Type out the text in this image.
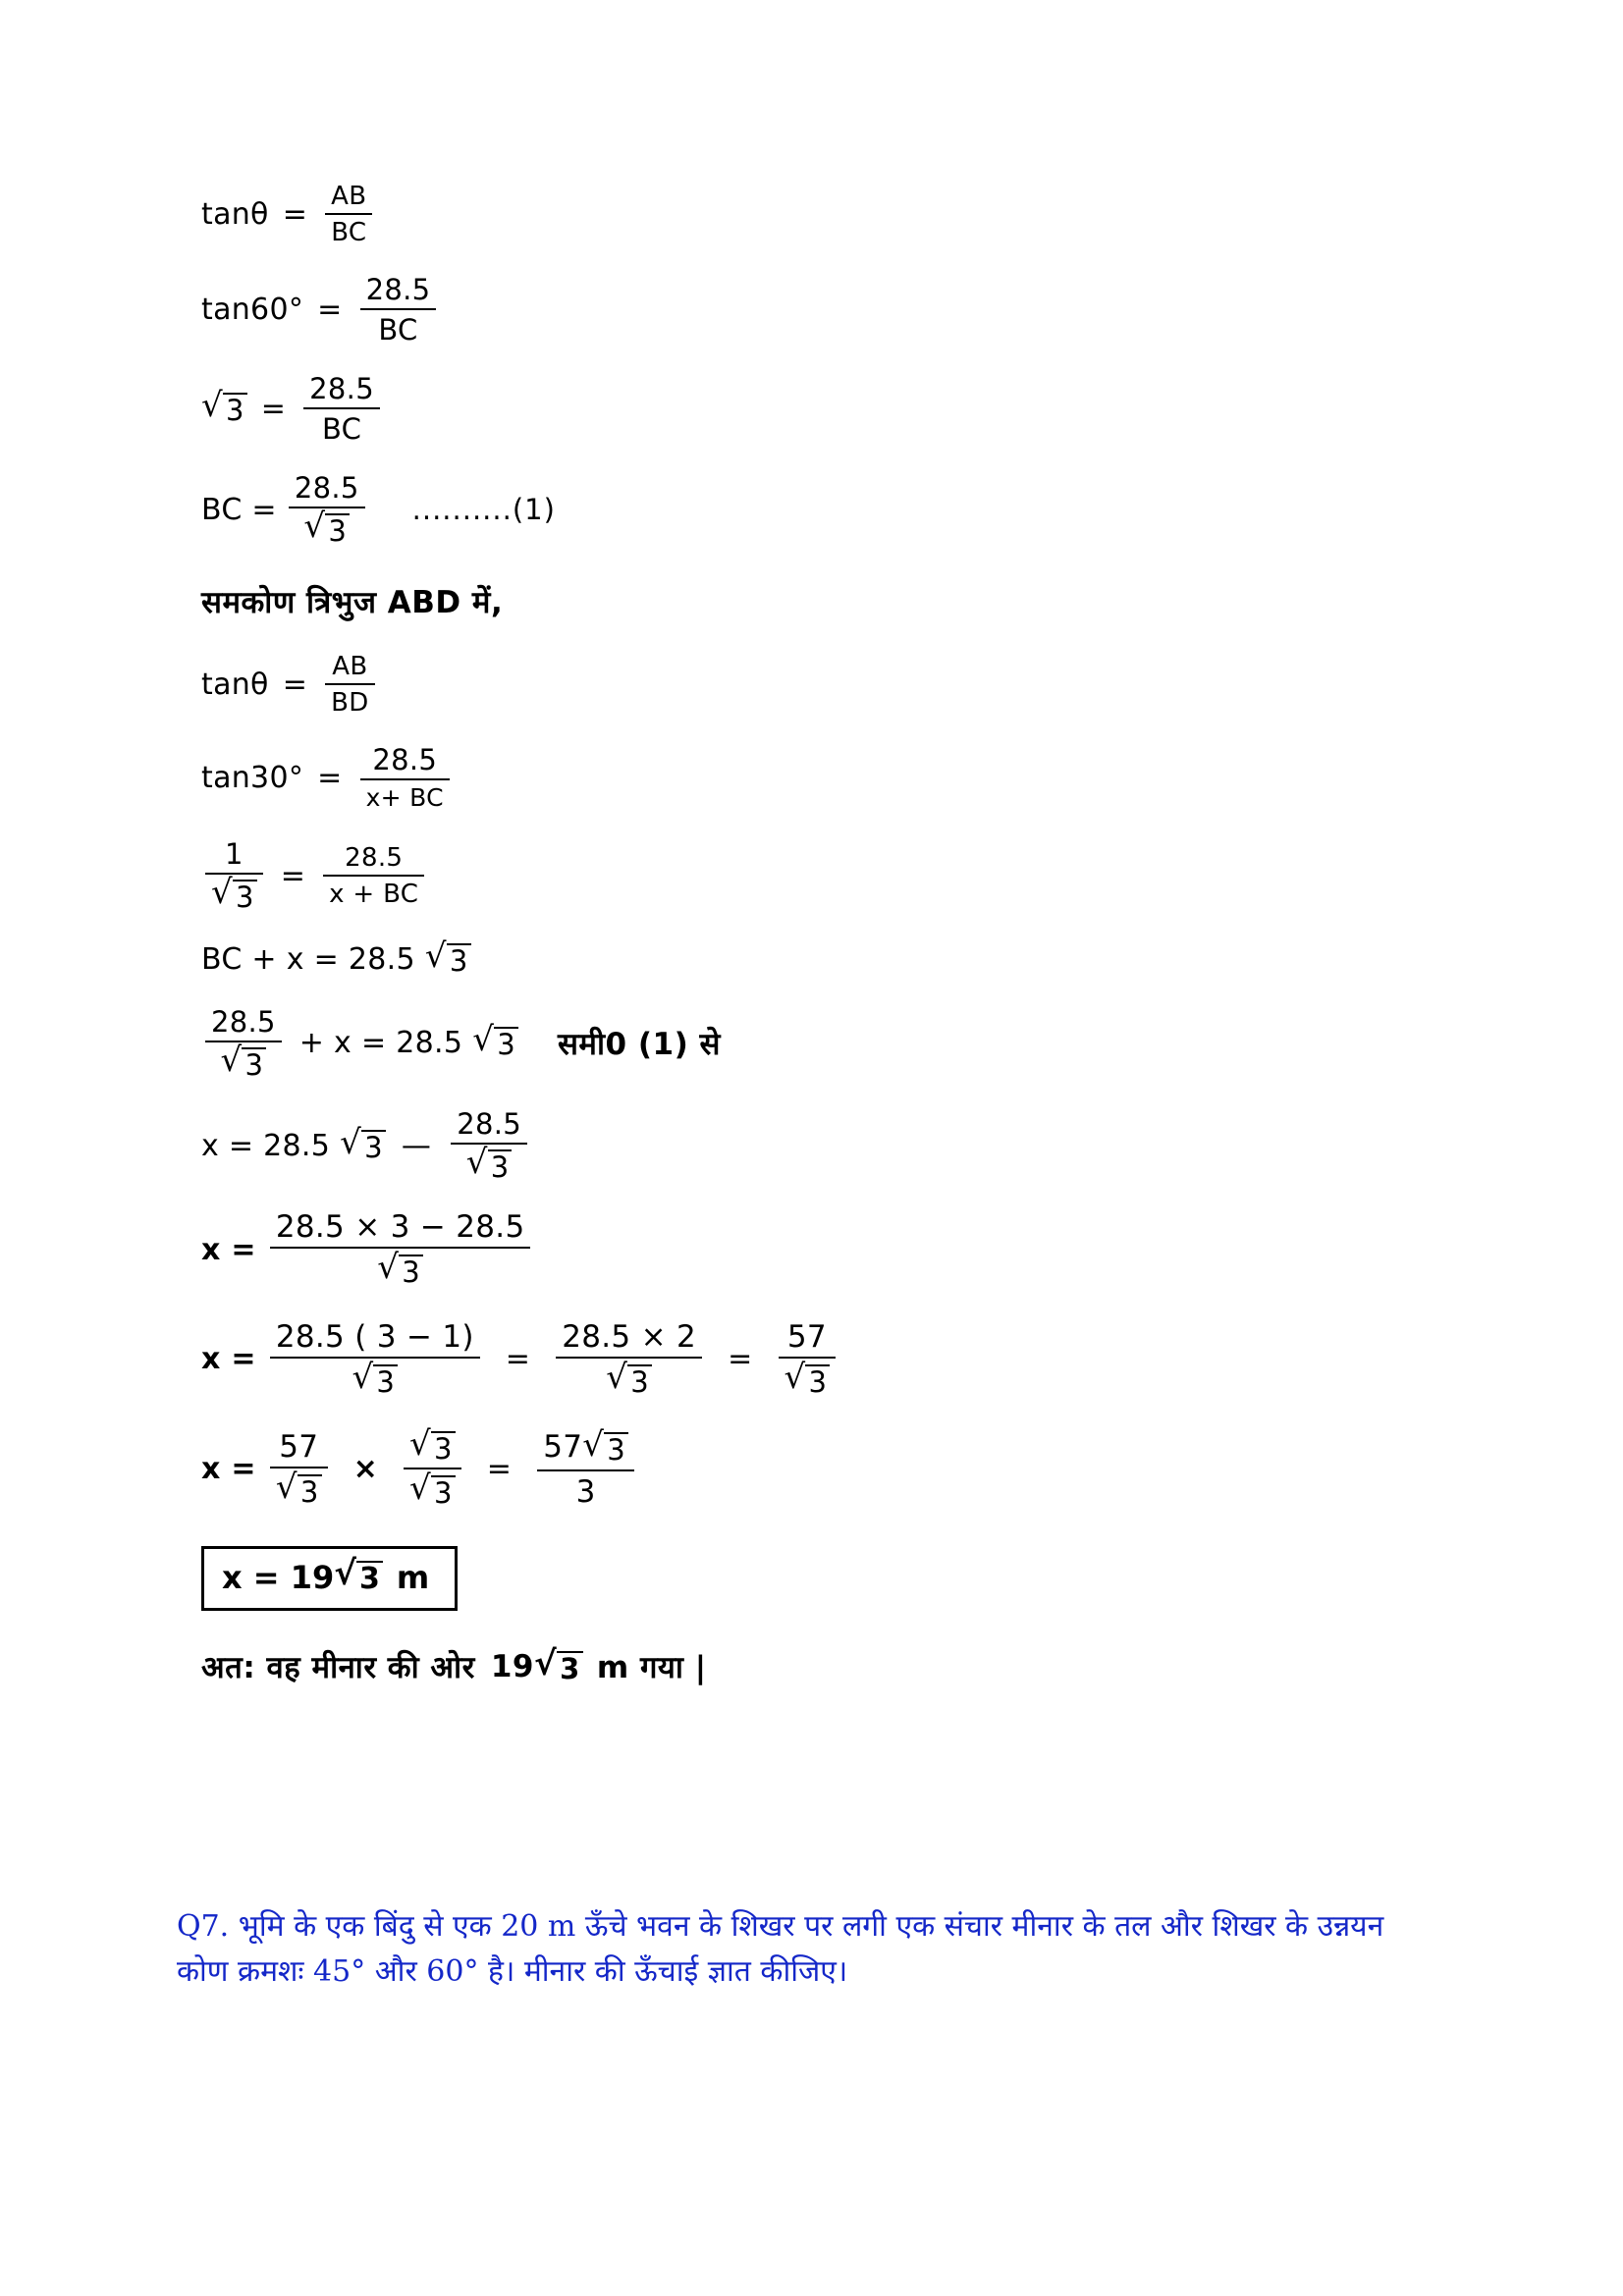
$\tan\theta = \frac{AB}{BC}$
$\tan 60^\circ = \frac{28.5}{BC}$
√ $3 = \frac{28.5}{BC}$
BC = $\frac{28.5}{√ 3} ..........(1)$
समकोण त्रिभुज ABD में,
$\tan\theta = \frac{AB}{BD}$
$\tan 30^\circ = \frac{28.5}{x+ BC}$
$\frac{1}{√ 3} = \frac{28.5}{x + BC}$
BC + x = 28.5 √ 3
$\frac{28.5}{√ 3} + x = 28.5$ √ 3 समी0 (1) से
x = 28.5 √ 3 — $\frac{28.5}{√ 3}$
$x = \frac{28.5 \times 3 - 28.5}{√ 3}$
$x = \frac{28.5 ( 3 - 1)}{√ 3} = \frac{28.5 \times 2}{√ 3} = \frac{57}{√ 3}$
$x = \frac{57}{√ 3} \times \frac{√ 3}{√ 3} = \frac{57 √ 3}{3}$
x = 19 √ 3 m
अत: वह मीनार की ओर 19 √ 3 m गया |
Q7. भूमि के एक बिंदु से एक 20 m ऊँचे भवन के शिखर पर लगी एक संचार मीनार के तल और शिखर के उन्नयन कोण क्रमशः 45° और 60° है। मीनार की ऊँचाई ज्ञात कीजिए।
